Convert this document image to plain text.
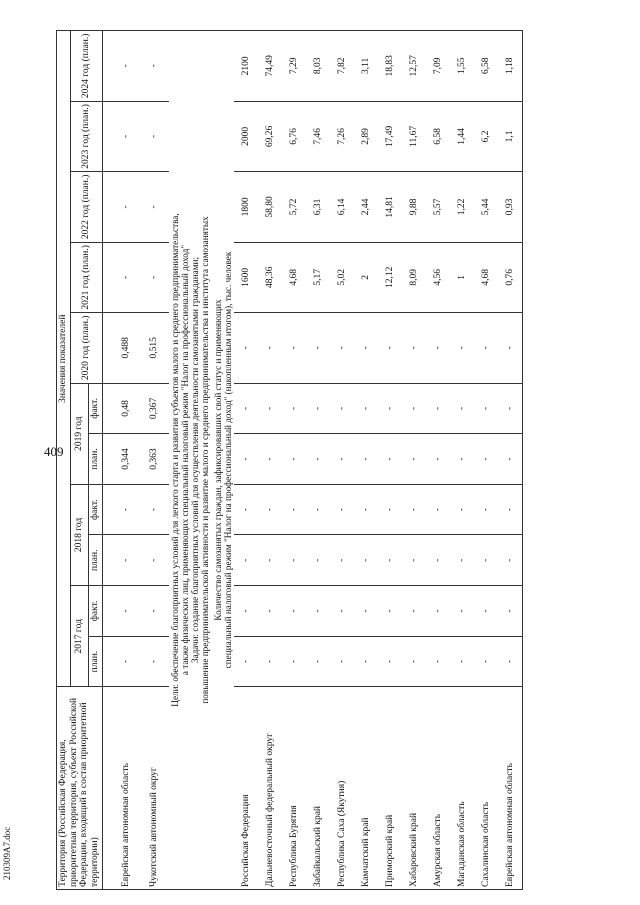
409
210309А7.doc	Территория (Российская Федерация, приоритетная территория, субъект Российской Федерации, входящий в состав приоритетной территории)	Значения показателей										
	2017 год		2018 год		2019 год		2020 год (план.)	2021 год (план.)	2022 год (план.)	2023 год (план.)	2024 год (план.)
	план.	факт.	план.	факт.	план.	факт.					

Еврейская автономная область	-	-	-	-	0,344	0,48	0,488	-	-	-	-
Чукотский автономный округ	-	-	-	-	0,363	0,367	0,515	-	-	-	-

Цели: обеспечение благоприятных условий для легкого старта и развития субъектов малого и среднего предпринимательства, а также физических лиц, применяющих специальный налоговый режим "Налог на профессиональный доход" Задачи: создание благоприятных условий для осуществления деятельности самозанятыми гражданами; повышение предпринимательской активности и развитие малого и среднего предпринимательства и института самозанятых											

Количество самозанятых граждан, зафиксировавших свой статус и применяющих специальный налоговый режим "Налог на профессиональный доход" (накопленным итогом), тыс. человек											

Российская Федерация	-	-	-	-	-	-	-	1600	1800	2000	2100
Дальневосточный федеральный округ	-	-	-	-	-	-	-	48,36	58,80	69,26	74,49
Республика Бурятия	-	-	-	-	-	-	-	4,68	5,72	6,76	7,29
Забайкальский край	-	-	-	-	-	-	-	5,17	6,31	7,46	8,03
Республика Саха (Якутия)	-	-	-	-	-	-	-	5,02	6,14	7,26	7,82
Камчатский край	-	-	-	-	-	-	-	2	2,44	2,89	3,11
Приморский край	-	-	-	-	-	-	-	12,12	14,81	17,49	18,83
Хабаровский край	-	-	-	-	-	-	-	8,09	9,88	11,67	12,57
Амурская область	-	-	-	-	-	-	-	4,56	5,57	6,58	7,09
Магаданская область	-	-	-	-	-	-	-	1	1,22	1,44	1,55
Сахалинская область	-	-	-	-	-	-	-	4,68	5,44	6,2	6,58
Еврейская автономная область	-	-	-	-	-	-	-	0,76	0,93	1,1	1,18
